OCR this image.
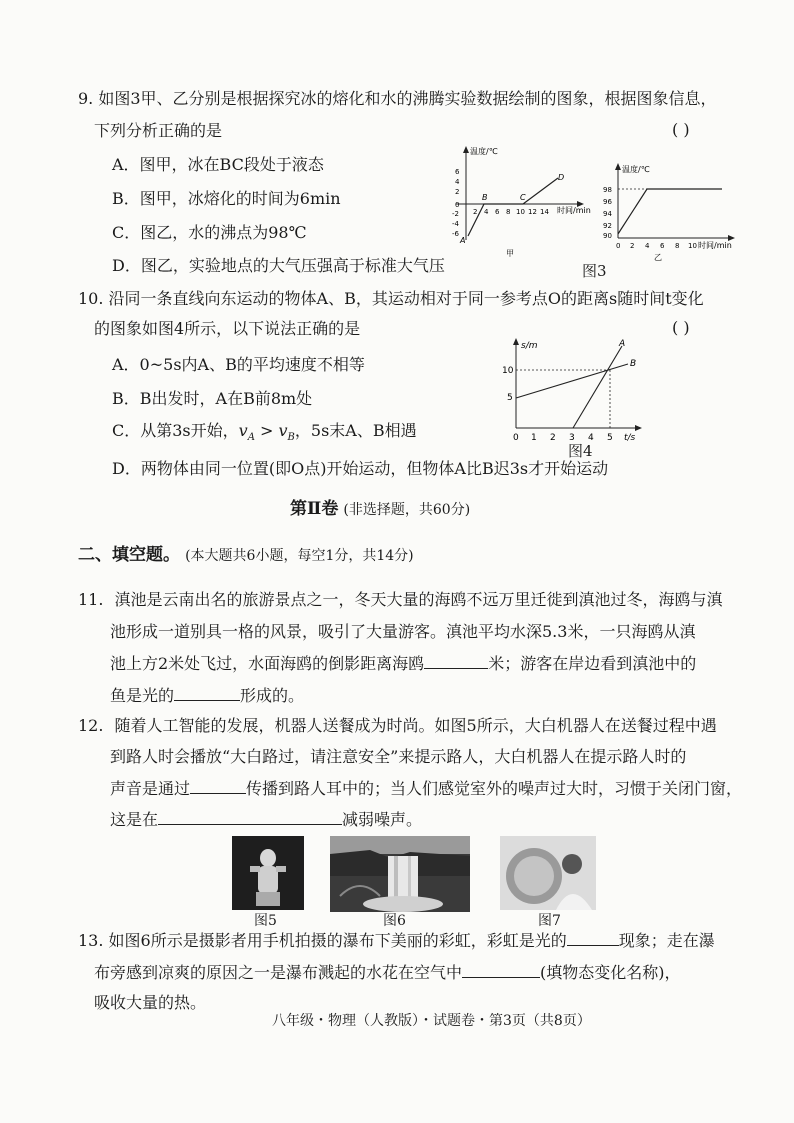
9. 如图3甲、乙分别是根据探究冰的熔化和水的沸腾实验数据绘制的图象，根据图象信息，
下列分析正确的是	( )
A．图甲，冰在BC段处于液态
B．图甲，冰熔化的时间为6min
C．图乙，水的沸点为98℃
D．图乙，实验地点的大气压强高于标准大气压
温度/℃
时间/min
6
4
2
0
-2
-4
-6
2 4 6 8 10 12 14
A
B	C
D
甲
温度/℃
时间/min
98
96
94
92
90
0 2 4 6 8 10
乙
图3
10. 沿同一条直线向东运动的物体A、B，其运动相对于同一参考点O的距离s随时间t变化
的图象如图4所示，以下说法正确的是	( )
A．0~5s内A、B的平均速度不相等
B．B出发时，A在B前8m处
C．从第3s开始，$v_A > v_B$，5s末A、B相遇
D．两物体由同一位置(即O点)开始运动，但物体A比B迟3s才开始运动
s/m
t/s
10
5
0 1 2 3 4 5
A
B
图4
第Ⅱ卷 (非选择题，共60分)
二、填空题。 (本大题共6小题，每空1分，共14分)
11. 滇池是云南出名的旅游景点之一，冬天大量的海鸥不远万里迁徙到滇池过冬，海鸥与滇
池形成一道别具一格的风景，吸引了大量游客。滇池平均水深5.3米，一只海鸥从滇
池上方2米处飞过，水面海鸥的倒影距离海鸥	米；游客在岸边看到滇池中的
鱼是光的	形成的。
12. 随着人工智能的发展，机器人送餐成为时尚。如图5所示，大白机器人在送餐过程中遇
到路人时会播放“大白路过，请注意安全”来提示路人，大白机器人在提示路人时的
声音是通过	传播到路人耳中的；当人们感觉室外的噪声过大时，习惯于关闭门窗，
这是在	减弱噪声。
图5	图6	图7
13. 如图6所示是摄影者用手机拍摄的瀑布下美丽的彩虹，彩虹是光的	现象；走在瀑
布旁感到凉爽的原因之一是瀑布溅起的水花在空气中	(填物态变化名称)，
吸收大量的热。
八年级・物理（人教版）・试题卷・第3页（共8页）
